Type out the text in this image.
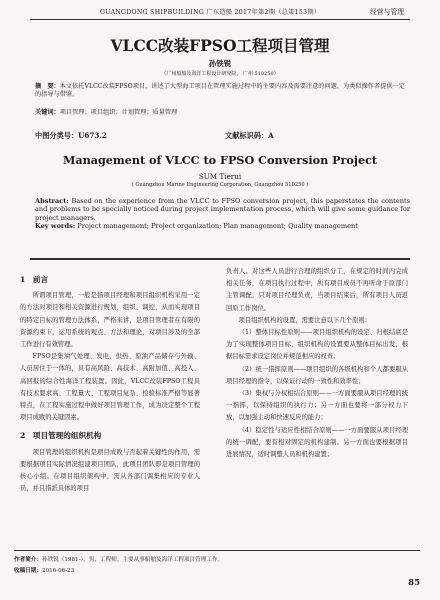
GUANGDONG SHIPBUILDING 广东造船 2017年第2期（总第153期）	经营与管理
VLCC改装FPSO工程项目管理
孙铁锐
（广州船舶及海洋工程设计研究院， 广州 510250）
摘　要：本文依托VLCC改装FPSO项目，讲述了大型海工项目在管理实施过程中的主要内容及需要注意的问题，为类似操作者提供一定的指导与借鉴。
关键词：项目管理；项目组织；计划管理；质量管理
中图分类号：U673.2	文献标识码：A
Management of VLCC to FPSO Conversion Project
SUM Tierui
( Guangzhou Marine Engineering Corporation, Guangzhou 510250 )
Abstract: Based on the experience from the VLCC to FPSO conversion project, this paperstates the contents and problems to be specially noticed during project implementation process, which will give some guidance for project managers.
Key words: Project management; Project organization; Plan management; Quality management
1　前言

所谓项目管理，一般是指项目经理和项目组织机构采用一定的方法对项目和相关资源进行规划、组织、调控，从而实现项目的特定目标的管理方法体系，严格来讲，是项目管理者在有限的资源约束下，运用系统的观点、方法和理论，对项目涉及的全部工作进行有效管理。

FPSO是集油气处理、发电、供热、原油产品储存与外输、人员居住于一体的，具有高风险、高技术、高附加值、高投入、高回报的综合性海洋工程装置。因此，VLCC改装FPSO工程具有技术要求高、工程量大、工程项目复杂、检验标准严格等显著特点，在工程实施过程中做好项目管理工作，成为决定整个工程项目成败的关键因素。

2　项目管理的组织机构

项目管理的组织机构是项目成败与否起着关键性的作用，需要根据项目实际情况组建项目团队，此项目团队即是项目管理的核心小组。在项目组织架构中，需从各部门调集相应的专业人员，并且指派具体的项目

负责人。对这些人员进行合理的组织分工，在规定的时间内完成相关任务，在项目执行过程中，所有项目成员不再听命于原部门主管调配，只对项目经理负责，当项目结束后，所有项目人员返回原工作岗位。

项目组织机构的设置，需要注意以下几个原则：

（1）整体目标性原则——项目组织机构的设定、归根结底是为了实现整体项目目标，组织机构的设置要从整体目标出发，根据目标需求设定岗位并规范相应的权责；

（2）统一指挥原则——项目组织的各级机构和个人都要服从项目经理的指令，以保证行动的一致性和效率性；

（3）集权与分权相结合原则——一方面要服从项目经理的统一指挥，以保持组织的执行力；另一方面也要将一部分权力下放，以加强主动和快速反应的能力；

（4）稳定性与适应性相结合原则——一方面要服从项目经理的统一调配，要有相对固定的机构建制。另一方面也要根据项目进展情况，适时调整人员和机构建置；

作者简介：孙铁锐（1981-），男，工程师。主要从事船舶及海洋工程项目管理工作。
收稿日期：2016-06-23
85
